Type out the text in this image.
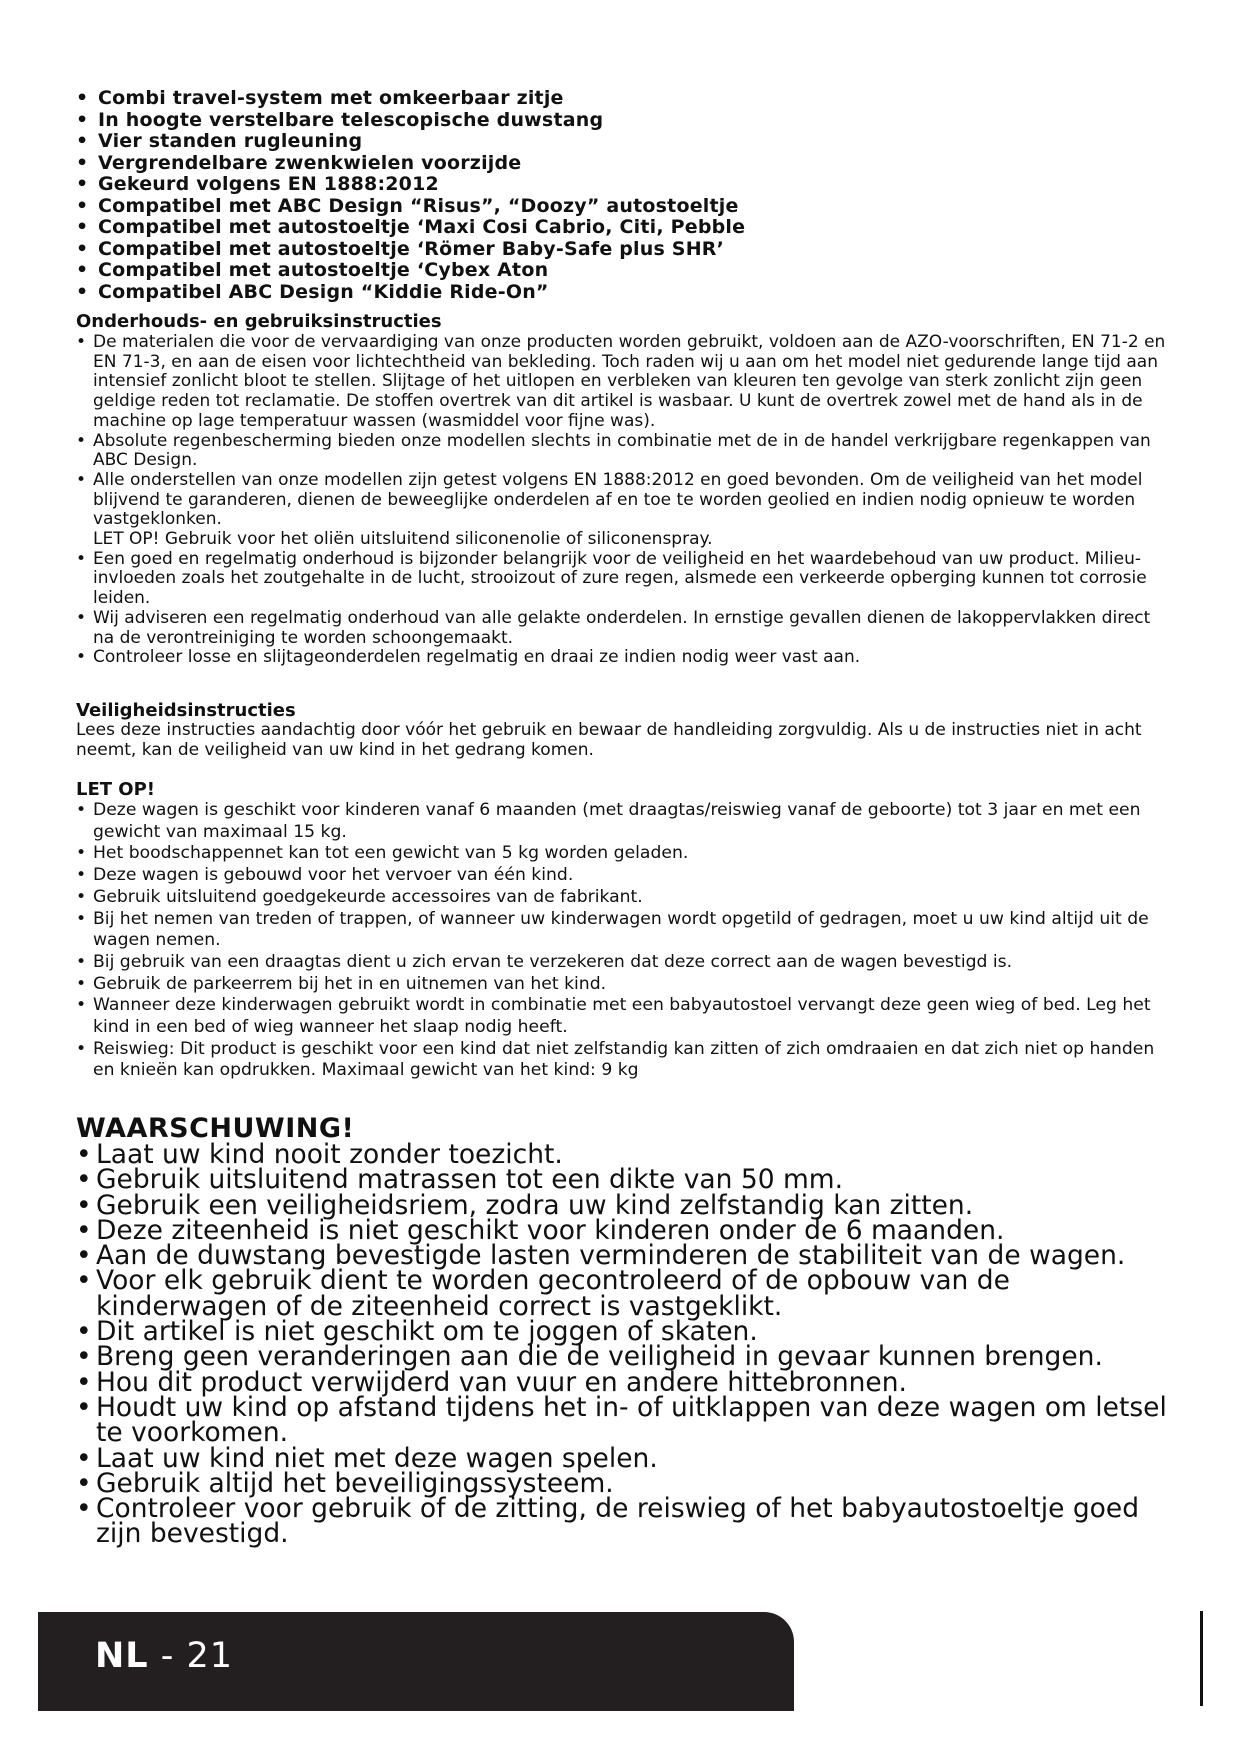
• Combi travel-system met omkeerbaar zitje
• In hoogte verstelbare telescopische duwstang
• Vier standen rugleuning
• Vergrendelbare zwenkwielen voorzijde
• Gekeurd volgens EN 1888:2012
• Compatibel met ABC Design “Risus”, “Doozy” autostoeltje
• Compatibel met autostoeltje ‘Maxi Cosi Cabrio, Citi, Pebble
• Compatibel met autostoeltje ‘Römer Baby-Safe plus SHR’
• Compatibel met autostoeltje ‘Cybex Aton
• Compatibel ABC Design “Kiddie Ride-On”
Onderhouds- en gebruiksinstructies
• De materialen die voor de vervaardiging van onze producten worden gebruikt, voldoen aan de AZO-voorschriften, EN 71-2 en EN 71-3, en aan de eisen voor lichtechtheid van bekleding. Toch raden wij u aan om het model niet gedurende lange tijd aan intensief zonlicht bloot te stellen. Slijtage of het uitlopen en verbleken van kleuren ten gevolge van sterk zonlicht zijn geen geldige reden tot reclamatie. De stoffen overtrek van dit artikel is wasbaar. U kunt de overtrek zowel met de hand als in de machine op lage temperatuur wassen (wasmiddel voor fijne was).
• Absolute regenbescherming bieden onze modellen slechts in combinatie met de in de handel verkrijgbare regenkappen van ABC Design.
• Alle onderstellen van onze modellen zijn getest volgens EN 1888:2012 en goed bevonden. Om de veiligheid van het model blijvend te garanderen, dienen de beweeglijke onderdelen af en toe te worden geolied en indien nodig opnieuw te worden vastgeklonken.
LET OP! Gebruik voor het oliën uitsluitend siliconenolie of siliconenspray.
• Een goed en regelmatig onderhoud is bijzonder belangrijk voor de veiligheid en het waardebehoud van uw product. Milieu-invloeden zoals het zoutgehalte in de lucht, strooizout of zure regen, alsmede een verkeerde opberging kunnen tot corrosie leiden.
• Wij adviseren een regelmatig onderhoud van alle gelakte onderdelen. In ernstige gevallen dienen de lakoppervlakken direct na de verontreiniging te worden schoongemaakt.
• Controleer losse en slijtageonderdelen regelmatig en draai ze indien nodig weer vast aan.
Veiligheidsinstructies

Lees deze instructies aandachtig door vóór het gebruik en bewaar de handleiding zorgvuldig. Als u de instructies niet in acht neemt, kan de veiligheid van uw kind in het gedrang komen.

LET OP!
• Deze wagen is geschikt voor kinderen vanaf 6 maanden (met draagtas/reiswieg vanaf de geboorte) tot 3 jaar en met een gewicht van maximaal 15 kg.
• Het boodschappennet kan tot een gewicht van 5 kg worden geladen.
• Deze wagen is gebouwd voor het vervoer van één kind.
• Gebruik uitsluitend goedgekeurde accessoires van de fabrikant.
• Bij het nemen van treden of trappen, of wanneer uw kinderwagen wordt opgetild of gedragen, moet u uw kind altijd uit de wagen nemen.
• Bij gebruik van een draagtas dient u zich ervan te verzekeren dat deze correct aan de wagen bevestigd is.
• Gebruik de parkeerrem bij het in en uitnemen van het kind.
• Wanneer deze kinderwagen gebruikt wordt in combinatie met een babyautostoel vervangt deze geen wieg of bed. Leg het kind in een bed of wieg wanneer het slaap nodig heeft.
• Reiswieg: Dit product is geschikt voor een kind dat niet zelfstandig kan zitten of zich omdraaien en dat zich niet op handen en knieën kan opdrukken. Maximaal gewicht van het kind: 9 kg
WAARSCHUWING!
• Laat uw kind nooit zonder toezicht.
• Gebruik uitsluitend matrassen tot een dikte van 50 mm.
• Gebruik een veiligheidsriem, zodra uw kind zelfstandig kan zitten.
• Deze ziteenheid is niet geschikt voor kinderen onder de 6 maanden.
• Aan de duwstang bevestigde lasten verminderen de stabiliteit van de wagen.
• Voor elk gebruik dient te worden gecontroleerd of de opbouw van de kinderwagen of de ziteenheid correct is vastgeklikt.
• Dit artikel is niet geschikt om te joggen of skaten.
• Breng geen veranderingen aan die de veiligheid in gevaar kunnen brengen.
• Hou dit product verwijderd van vuur en andere hittebronnen.
• Houdt uw kind op afstand tijdens het in- of uitklappen van deze wagen om letsel te voorkomen.
• Laat uw kind niet met deze wagen spelen.
• Gebruik altijd het beveiligingssysteem.
• Controleer voor gebruik of de zitting, de reiswieg of het babyautostoeltje goed zijn bevestigd.
NL - 21
